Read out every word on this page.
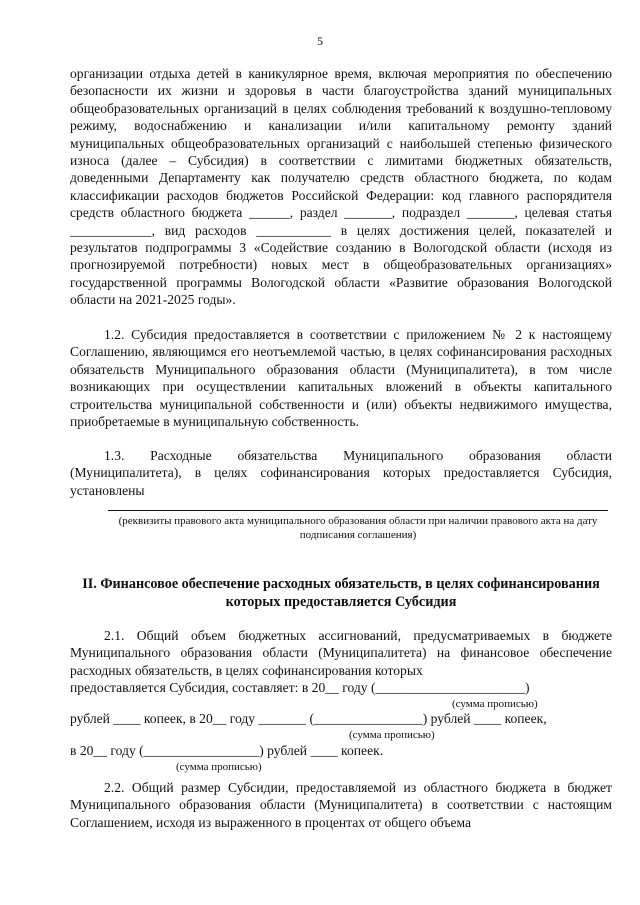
5
организации отдыха детей в каникулярное время, включая мероприятия по обеспечению безопасности их жизни и здоровья в части благоустройства зданий муниципальных общеобразовательных организаций в целях соблюдения требований к воздушно-тепловому режиму, водоснабжению и канализации и/или капитальному ремонту зданий муниципальных общеобразовательных организаций с наибольшей степенью физического износа (далее – Субсидия) в соответствии с лимитами бюджетных обязательств, доведенными Департаменту как получателю средств областного бюджета, по кодам классификации расходов бюджетов Российской Федерации: код главного распорядителя средств областного бюджета ______, раздел _______, подраздел _______, целевая статья ____________, вид расходов ___________ в целях достижения целей, показателей и результатов подпрограммы 3 «Содействие созданию в Вологодской области (исходя из прогнозируемой потребности) новых мест в общеобразовательных организациях» государственной программы Вологодской области «Развитие образования Вологодской области на 2021-2025 годы».
1.2. Субсидия предоставляется в соответствии с приложением № 2 к настоящему Соглашению, являющимся его неотъемлемой частью, в целях софинансирования расходных обязательств Муниципального образования области (Муниципалитета), в том числе возникающих при осуществлении капитальных вложений в объекты капитального строительства муниципальной собственности и (или) объекты недвижимого имущества, приобретаемые в муниципальную собственность.
1.3. Расходные обязательства Муниципального образования области (Муниципалитета), в целях софинансирования которых предоставляется Субсидия, установлены
(реквизиты правового акта муниципального образования области при наличии правового акта на дату подписания соглашения)
II. Финансовое обеспечение расходных обязательств, в целях софинансирования которых предоставляется Субсидия
2.1. Общий объем бюджетных ассигнований, предусматриваемых в бюджете Муниципального образования области (Муниципалитета) на финансовое обеспечение расходных обязательств, в целях софинансирования которых
предоставляется Субсидия, составляет: в 20__ году (______________________)
(сумма прописью)
рублей ____ копеек, в 20__ году _______ (________________) рублей ____ копеек,
(сумма прописью)
в 20__ году (_________________) рублей ____ копеек.
(сумма прописью)
2.2. Общий размер Субсидии, предоставляемой из областного бюджета в бюджет Муниципального образования области (Муниципалитета) в соответствии с настоящим Соглашением, исходя из выраженного в процентах от общего объема
